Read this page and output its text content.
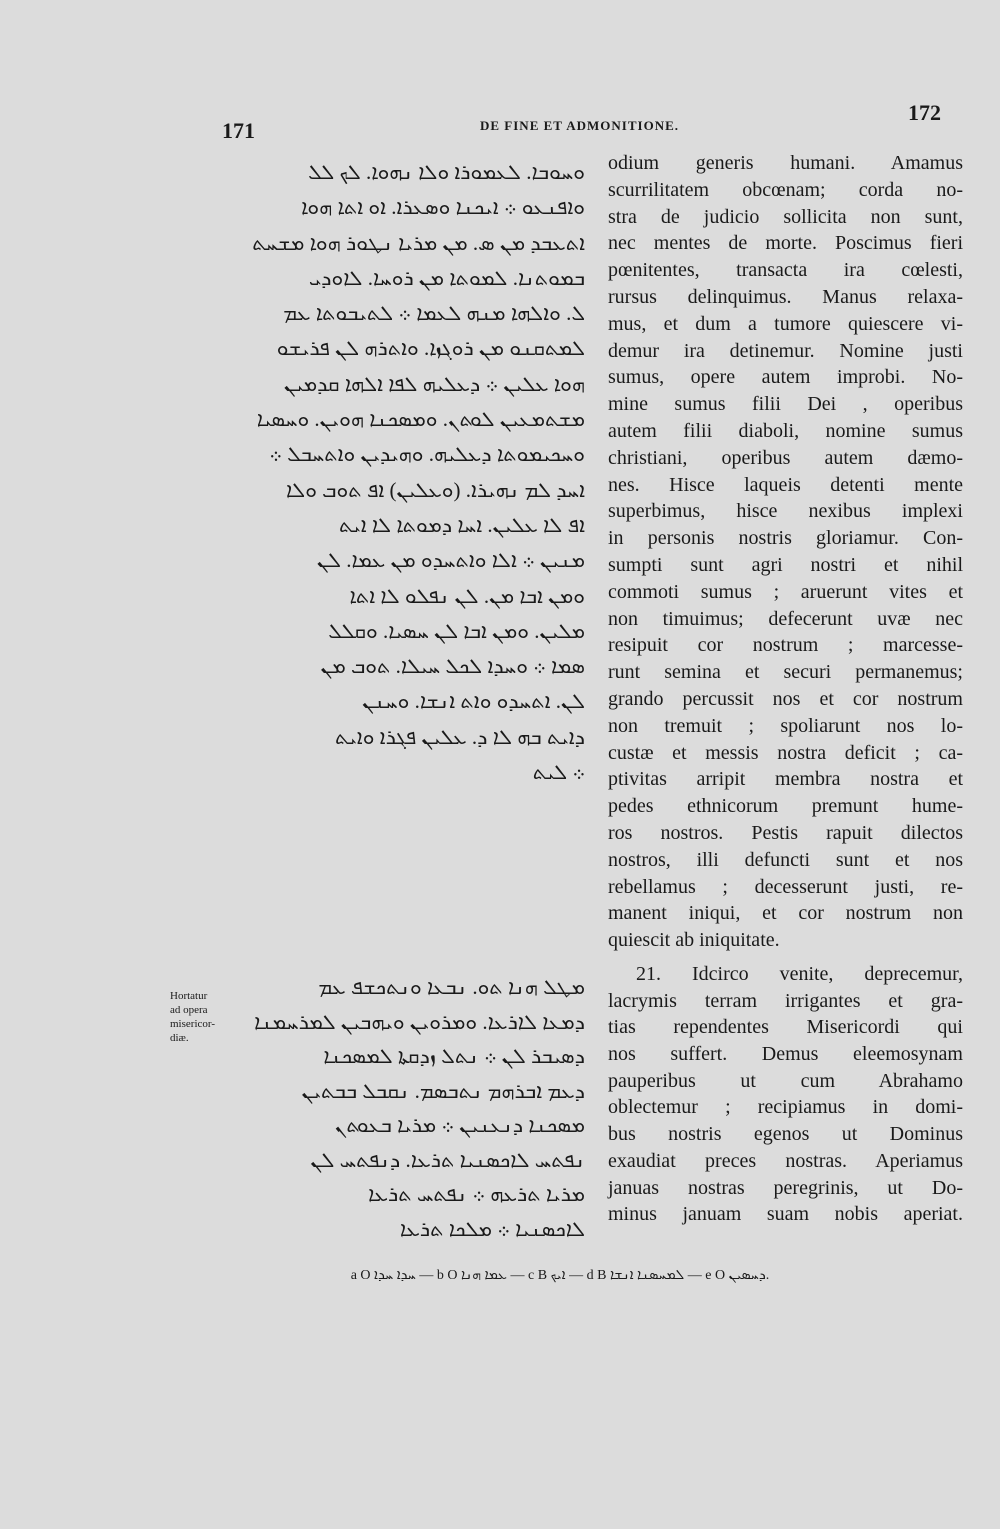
171	DE FINE ET ADMONITIONE.
172
ܘܚܘܒܐ. ܠܥܡܘܪܐ ܘܠܐ ܢܗܘܐ. ܠܟ ܠܠ
ܘܐܦܢܥܘ ܀ ܐܝܟܢܐ ܘܣܥܪܐ. ܐܘ ܐܬܐ ܗܘܐ
ܐܬܥܒܕ ܡܢ ܣ. ܡܢ ܡܪܝܐ ܢܛܘܪ ܗܘܐ ܡܫܚܬ
ܒܡܘܬܢܐ. ܠܡܘܬܐ ܡܢ ܪܘܚܐ. ܠܐܘܕܝ
ܠ. ܘܐܠܗܐ ܡܢܗ ܠܥܡܐ ܀ ܠܬܝܒܘܬܐ ܥܡ
ܠܡܬܩܢܘ ܡܢ ܪܘܓܙܐ. ܘܐܬܪܗ ܠܢ ܦܪܝܫܘ
ܗܘܐ ܥܠܝܢ ܀ ܕܥܠܝܗ ܠܦܐ ܐܠܗܐ ܩܕܡܝܢ
ܡܫܬܡܥܝܢ ܠܘܬܢ. ܘܡܣܟܢܐ ܗܘܝܢ. ܘܚܣܝܐ
ܘܚܟܝܡܘܬܐ ܕܥܠܝܗ. ܘܗܝܕܝܢ ܘܐܬܚܒܠ ܀
ܐܚܕ ܠܡ ܢܗܝܪܐ. (ܘܥܠܝܢ) ܐܦ ܬܘܒ ܘܠܐ
ܐܦ ܠܐ ܥܠܝܢ. ܐܚܐ ܕܡܘܬܐ ܠܐ ܐܝܬ
ܡܢܝܢ ܀ ܐܠܐ ܘܐܬܚܕܘ ܡܢ ܥܡܐ. ܠܢ
ܘܡܢ ܐܒܐ ܡܢ. ܠܢ ܢܦܠܘ ܠܐ ܐܬܐ
ܡܠܝܢ. ܘܡܢ ܐܒܐ ܠܢ ܚܣܝܐ. ܘܩܠܠ
ܣܡܐ ܀ ܘܚܕܐ ܠܟܠ ܚܝܠܐ. ܬܘܒ ܡܢ
ܠܢ. ܐܬܚܕܘ ܘܐܬ ܐܢܫܐ. ܘܚܢܢ
ܕܐܝܬ ܒܗ ܠܐ ܕ. ܥܠܝܢ ܦܓܪܐ ܘܐܝܬ
܀ ܠܝܬ
Hortatur
ad opera
misericor-
diæ.
ܡܛܠ ܗܢܐ ܬܘ. ܢܒܥܐ ܘܢܬܟܫܦ ܥܡ
ܕܡܥܐ ܠܐܪܥܐ. ܘܡܪܘܝܢ ܘܝܗܒܝܢ ܠܡܪܚܡܢܐ
ܕܣܝܒܪ ܠܢ ܀ ܢܬܠ ܙܕܩܬܐ ܠܡܣܟܢܐ
ܕܥܡ ܐܒܪܗܡ ܢܬܒܣܡ. ܢܩܒܠ ܒܒܬܝܢ
ܡܣܟܢܐ ܕܢܥܢܝܢ ܀ ܡܪܝܐ ܒܥܘܬܢ
ܢܦܬܚ ܠܐܟܣܢܝܐ ܬܪܥܐ. ܕܢܦܬܚ ܠܢ
ܡܪܝܐ ܬܪܥܗ ܀ ܢܦܬܚ ܬܪܥܐ
ܠܐܟܣܢܝܐ ܀ ܡܠܟܐ ܬܪܥܐ
odium generis humani. Amamus
scurrilitatem obcœnam; corda no-
stra de judicio sollicita non sunt,
nec mentes de morte. Poscimus fieri
pœnitentes, transacta ira cœlesti,
rursus delinquimus. Manus relaxa-
mus, et dum a tumore quiescere vi-
demur ira detinemur. Nomine justi
sumus, opere autem improbi. No-
mine sumus filii Dei , operibus
autem filii diaboli, nomine sumus
christiani, operibus autem dæmo-
nes. Hisce laqueis detenti mente
superbimus, hisce nexibus implexi
in personis nostris gloriamur. Con-
sumpti sunt agri nostri et nihil
commoti sumus ; aruerunt vites et
non timuimus; defecerunt uvæ nec
resipuit cor nostrum ; marcesse-
runt semina et securi permanemus;
grando percussit nos et cor nostrum
non tremuit ; spoliarunt nos lo-
custæ et messis nostra deficit ; ca-
ptivitas arripit membra nostra et
pedes ethnicorum premunt hume-
ros nostros. Pestis rapuit dilectos
nostros, illi defuncti sunt et nos
rebellamus ; decesserunt justi, re-
manent iniqui, et cor nostrum non
quiescit ab iniquitate.
21. Idcirco venite, deprecemur,
lacrymis terram irrigantes et gra-
tias rependentes Misericordi qui
nos suffert. Demus eleemosynam
pauperibus ut cum Abrahamo
oblectemur ; recipiamus in domi-
bus nostris egenos ut Dominus
exaudiat preces nostras. Aperiamus
januas nostras peregrinis, ut Do-
minus januam suam nobis aperiat.
a O ܚܕܐ ܚܕܐ — b O ܥܡܐ ܗܢܐ — c B ܐܝܟ — d B ܠܡܚܣܢܐ ܐܢܫܐ — e O ܕܚܣܝܢ.
